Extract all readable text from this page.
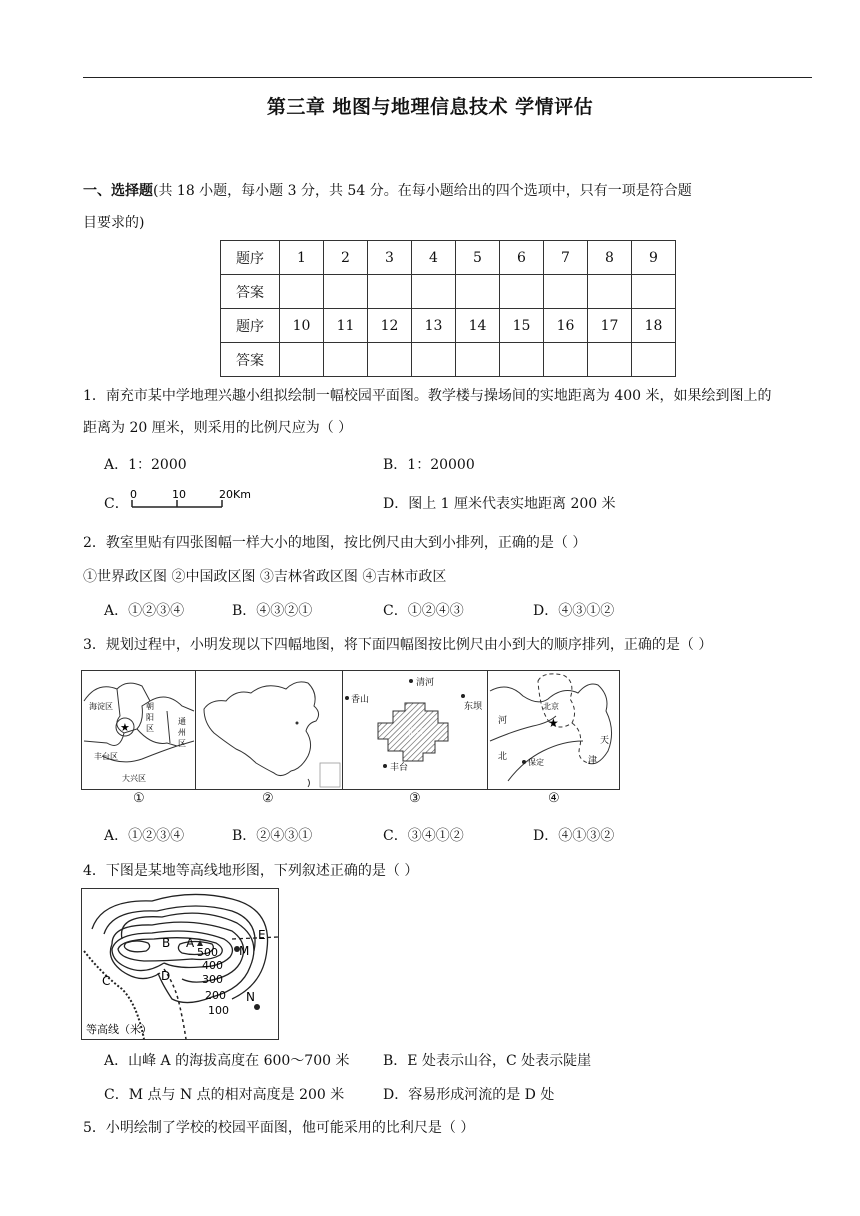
第三章 地图与地理信息技术 学情评估
一、选择题(共 18 小题，每小题 3 分，共 54 分。在每小题给出的四个选项中，只有一项是符合题
目要求的)
题序	1	2	3	4	5	6	7	8	9
答案									
题序	10	11	12	13	14	15	16	17	18
答案									
1．南充市某中学地理兴趣小组拟绘制一幅校园平面图。教学楼与操场间的实地距离为 400 米，如果绘到图上的
距离为 20 厘米，则采用的比例尺应为（ ）
A．1：2000	B．1：20000
C．
0	10	20Km
D．图上 1 厘米代表实地距离 200 米
2．教室里贴有四张图幅一样大小的地图，按比例尺由大到小排列，正确的是（ ）
①世界政区图 ②中国政区图 ③吉林省政区图 ④吉林市政区
A．①②③④	B．④③②①	C．①②④③	D．④③①②
3．规划过程中，小明发现以下四幅地图，将下面四幅图按比例尺由小到大的顺序排列，正确的是（ ）
★
海淀区	朝
阳
区
通
州
区
丰台区
大兴区
清河
香山
东坝
北京
丰台
★
北京
河
北
天
津
保定
①	②	③	④
A．①②③④	B．②④③①	C．③④①②	D．④①③②
4．下图是某地等高线地形图，下列叙述正确的是（ ）
B A
C	D
E
M
N
500
400
300
200
100
等高线（米）
A．山峰 A 的海拔高度在 600～700 米 B．E 处表示山谷，C 处表示陡崖
C．M 点与 N 点的相对高度是 200 米	D．容易形成河流的是 D 处
5．小明绘制了学校的校园平面图，他可能采用的比利尺是（ ）
